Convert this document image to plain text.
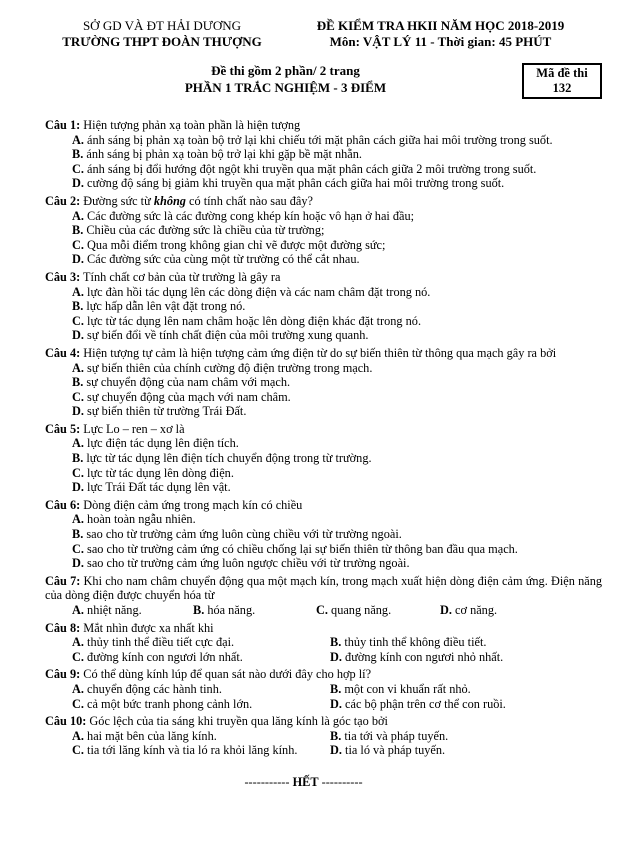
SỞ GD VÀ ĐT HẢI DƯƠNG
TRƯỜNG THPT ĐOÀN THƯỢNG
ĐỀ KIỂM TRA HKII NĂM HỌC 2018-2019
Môn: VẬT LÝ 11 - Thời gian: 45 PHÚT
Đề thi gồm 2 phần/ 2 trang
PHẦN 1 TRẮC NGHIỆM - 3 ĐIỂM
Mã đề thi
132

Câu 1: Hiện tượng phản xạ toàn phần là hiện tượng

A. ánh sáng bị phản xạ toàn bộ trở lại khi chiếu tới mặt phân cách giữa hai môi trường trong suốt.
B. ánh sáng bị phản xạ toàn bộ trở lại khi gặp bề mặt nhẵn.
C. ánh sáng bị đổi hướng đột ngột khi truyền qua mặt phân cách giữa 2 môi trường trong suốt.
D. cường độ sáng bị giảm khi truyền qua mặt phân cách giữa hai môi trường trong suốt.

Câu 2: Đường sức từ không có tính chất nào sau đây?

A. Các đường sức là các đường cong khép kín hoặc vô hạn ở hai đầu;
B. Chiều của các đường sức là chiều của từ trường;
C. Qua mỗi điểm trong không gian chỉ vẽ được một đường sức;
D. Các đường sức của cùng một từ trường có thể cắt nhau.

Câu 3: Tính chất cơ bản của từ trường là gây ra

A. lực đàn hồi tác dụng lên các dòng điện và các nam châm đặt trong nó.
B. lực hấp dẫn lên vật đặt trong nó.
C. lực từ tác dụng lên nam châm hoặc lên dòng điện khác đặt trong nó.
D. sự biến đổi về tính chất điện của môi trường xung quanh.

Câu 4: Hiện tượng tự cảm là hiện tượng cảm ứng điện từ do sự biến thiên từ thông qua mạch gây ra bởi

A. sự biến thiên của chính cường độ điện trường trong mạch.
B. sự chuyển động của nam châm với mạch.
C. sự chuyển động của mạch với nam châm.
D. sự biến thiên từ trường Trái Đất.

Câu 5: Lực Lo – ren – xơ là

A. lực điện tác dụng lên điện tích.
B. lực từ tác dụng lên điện tích chuyển động trong từ trường.
C. lực từ tác dụng lên dòng điện.
D. lực Trái Đất tác dụng lên vật.

Câu 6: Dòng điện cảm ứng trong mạch kín có chiều

A. hoàn toàn ngẫu nhiên.
B. sao cho từ trường cảm ứng luôn cùng chiều với từ trường ngoài.
C. sao cho từ trường cảm ứng có chiều chống lại sự biến thiên từ thông ban đầu qua mạch.
D. sao cho từ trường cảm ứng luôn ngược chiều với từ trường ngoài.

Câu 7: Khi cho nam châm chuyển động qua một mạch kín, trong mạch xuất hiện dòng điện cảm ứng. Điện năng của dòng điện được chuyển hóa từ

A. nhiệt năng.	B. hóa năng.	C. quang năng.	D. cơ năng.

Câu 8: Mắt nhìn được xa nhất khi

A. thủy tinh thể điều tiết cực đại.	B. thủy tinh thể không điều tiết.
C. đường kính con ngươi lớn nhất.	D. đường kính con ngươi nhỏ nhất.

Câu 9: Có thể dùng kính lúp để quan sát nào dưới đây cho hợp lí?

A. chuyển động các hành tinh.	B. một con vi khuẩn rất nhỏ.
C. cả một bức tranh phong cảnh lớn.	D. các bộ phận trên cơ thể con ruồi.

Câu 10: Góc lệch của tia sáng khi truyền qua lăng kính là góc tạo bởi

A. hai mặt bên của lăng kính.	B. tia tới và pháp tuyến.
C. tia tới lăng kính và tia ló ra khỏi lăng kính.	D. tia ló và pháp tuyến.
----------- HẾT ----------
